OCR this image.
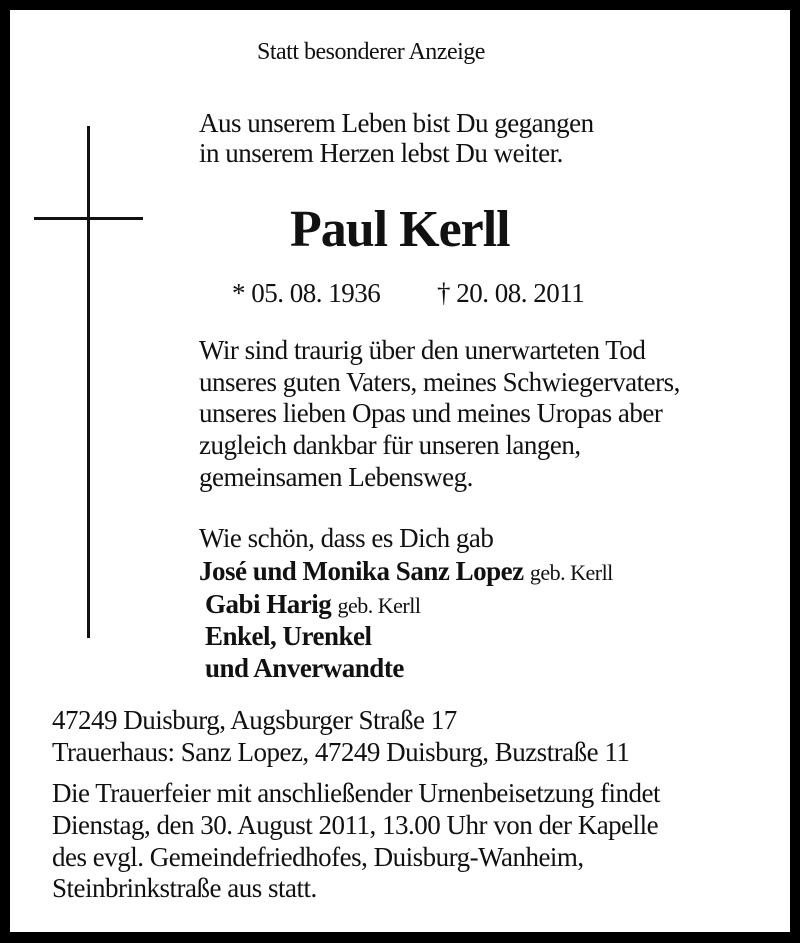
Statt besonderer Anzeige
Aus unserem Leben bist Du gegangen
in unserem Herzen lebst Du weiter.
Paul Kerll
* 05. 08. 1936 † 20. 08. 2011
Wir sind traurig über den unerwarteten Tod
unseres guten Vaters, meines Schwiegervaters,
unseres lieben Opas und meines Uropas aber
zugleich dankbar für unseren langen,
gemeinsamen Lebensweg.
Wie schön, dass es Dich gab
José und Monika Sanz Lopez geb. Kerll
Gabi Harig geb. Kerll
Enkel, Urenkel
und Anverwandte
47249 Duisburg, Augsburger Straße 17
Trauerhaus: Sanz Lopez, 47249 Duisburg, Buzstraße 11
Die Trauerfeier mit anschließender Urnenbeisetzung findet
Dienstag, den 30. August 2011, 13.00 Uhr von der Kapelle
des evgl. Gemeindefriedhofes, Duisburg-Wanheim,
Steinbrinkstraße aus statt.
